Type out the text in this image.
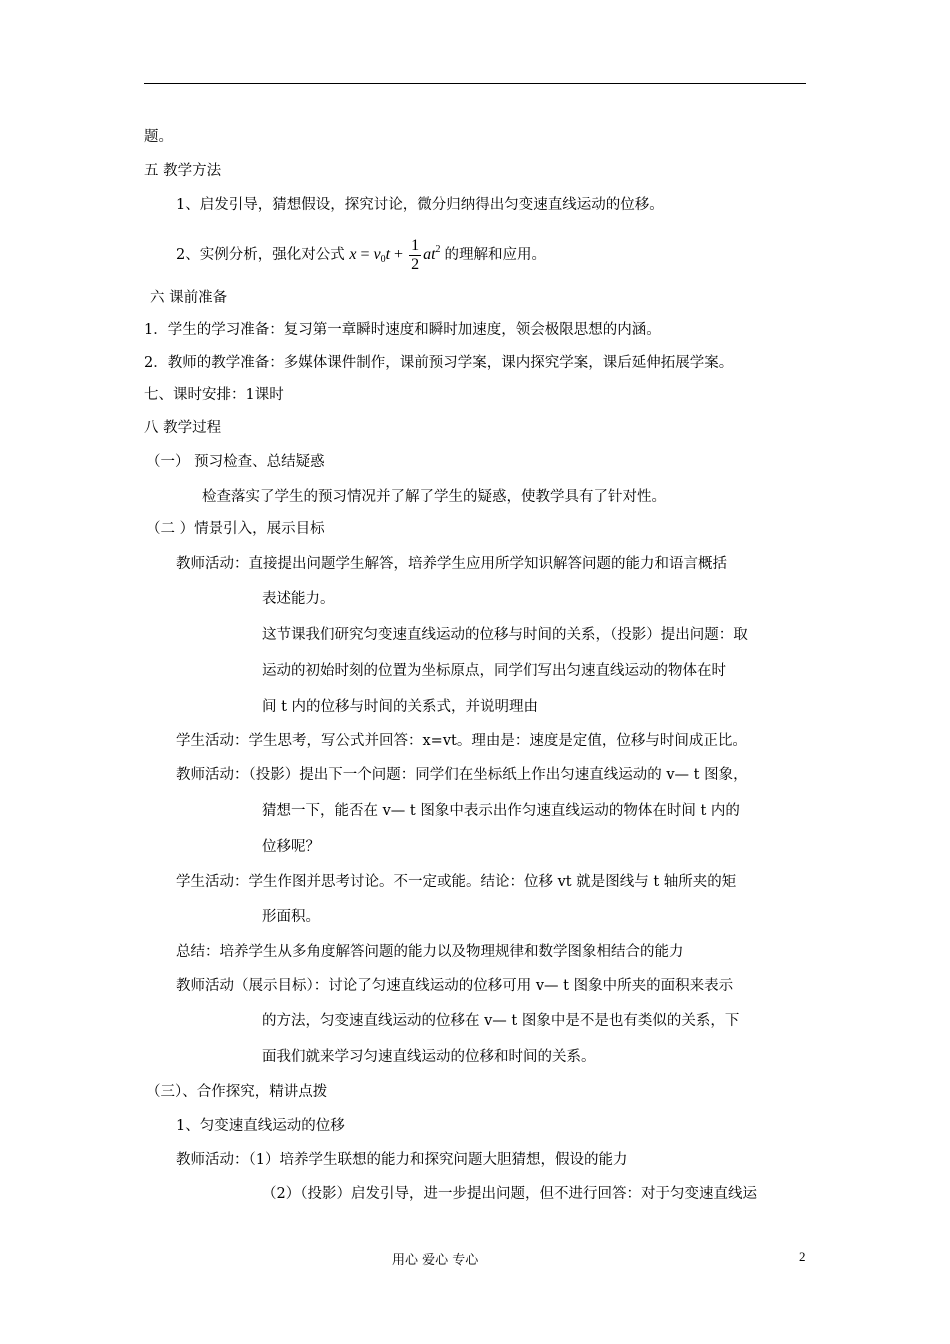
题。
五 教学方法
1、启发引导，猜想假设，探究讨论，微分归纳得出匀变速直线运动的位移。
2、实例分析，强化对公式 $x = v_0t + \frac{1}{2} at^2$ 的理解和应用。
六 课前准备
1．学生的学习准备：复习第一章瞬时速度和瞬时加速度，领会极限思想的内涵。
2．教师的教学准备：多媒体课件制作，课前预习学案，课内探究学案，课后延伸拓展学案。
七、课时安排：1课时
八 教学过程
（一） 预习检查、总结疑惑
检查落实了学生的预习情况并了解了学生的疑惑，使教学具有了针对性。
（二 ）情景引入，展示目标
教师活动：直接提出问题学生解答，培养学生应用所学知识解答问题的能力和语言概括
表述能力。
这节课我们研究匀变速直线运动的位移与时间的关系，（投影）提出问题：取
运动的初始时刻的位置为坐标原点，同学们写出匀速直线运动的物体在时
间 t 内的位移与时间的关系式，并说明理由
学生活动：学生思考，写公式并回答：x=vt。理由是：速度是定值，位移与时间成正比。
教师活动：（投影）提出下一个问题：同学们在坐标纸上作出匀速直线运动的 v— t 图象，
猜想一下，能否在 v— t 图象中表示出作匀速直线运动的物体在时间 t 内的
位移呢？
学生活动：学生作图并思考讨论。不一定或能。结论：位移 vt 就是图线与 t 轴所夹的矩
形面积。
总结：培养学生从多角度解答问题的能力以及物理规律和数学图象相结合的能力
教师活动（展示目标）：讨论了匀速直线运动的位移可用 v— t 图象中所夹的面积来表示
的方法，匀变速直线运动的位移在 v— t 图象中是不是也有类似的关系，下
面我们就来学习匀速直线运动的位移和时间的关系。
（三）、合作探究，精讲点拨
1、匀变速直线运动的位移
教师活动：（1）培养学生联想的能力和探究问题大胆猜想，假设的能力
（2）（投影）启发引导，进一步提出问题，但不进行回答：对于匀变速直线运
用心 爱心 专心	2
